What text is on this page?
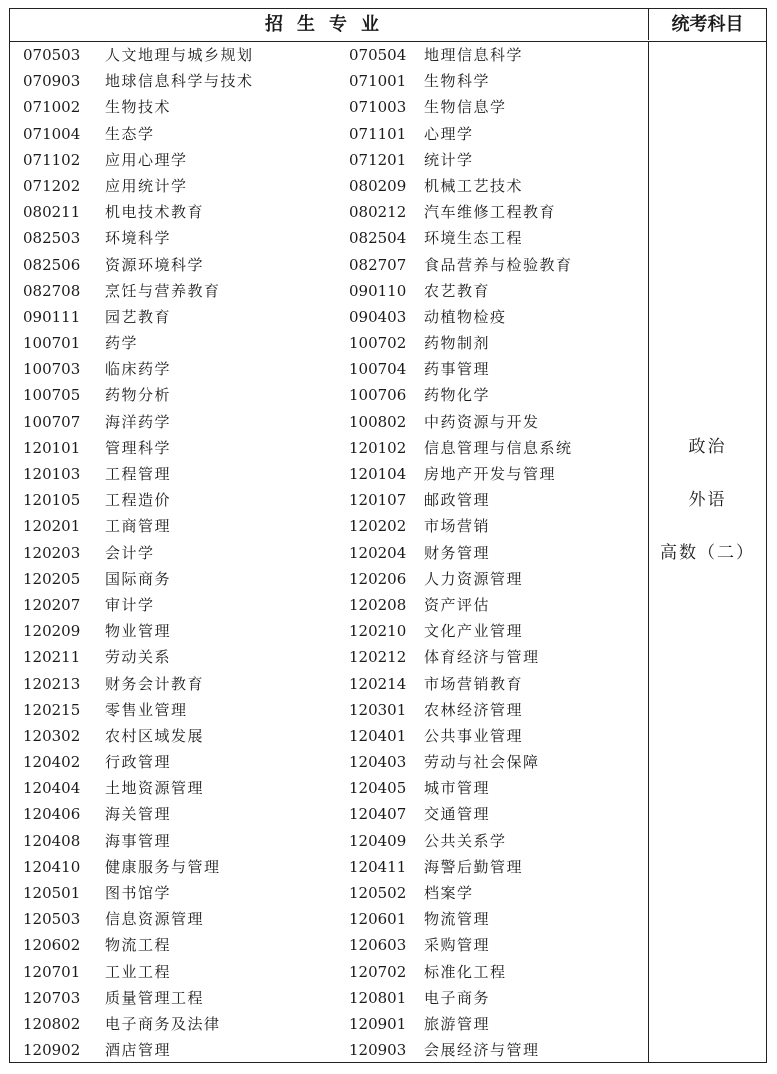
招生专业	统考科目
070503 人文地理与城乡规划	070504 地理信息科学
070903 地球信息科学与技术	071001 生物科学
071002 生物技术	071003 生物信息学
071004 生态学	071101 心理学
071102 应用心理学	071201 统计学
071202 应用统计学	080209 机械工艺技术
080211 机电技术教育	080212 汽车维修工程教育
082503 环境科学	082504 环境生态工程
082506 资源环境科学	082707 食品营养与检验教育
082708 烹饪与营养教育	090110 农艺教育
090111 园艺教育	090403 动植物检疫
100701 药学	100702 药物制剂
100703 临床药学	100704 药事管理
100705 药物分析	100706 药物化学
100707 海洋药学	100802 中药资源与开发
120101 管理科学	120102 信息管理与信息系统
120103 工程管理	120104 房地产开发与管理
120105 工程造价	120107 邮政管理
120201 工商管理	120202 市场营销
120203 会计学	120204 财务管理
120205 国际商务	120206 人力资源管理
120207 审计学	120208 资产评估
120209 物业管理	120210 文化产业管理
120211 劳动关系	120212 体育经济与管理
120213 财务会计教育	120214 市场营销教育
120215 零售业管理	120301 农林经济管理
120302 农村区域发展	120401 公共事业管理
120402 行政管理	120403 劳动与社会保障
120404 土地资源管理	120405 城市管理
120406 海关管理	120407 交通管理
120408 海事管理	120409 公共关系学
120410 健康服务与管理	120411 海警后勤管理
120501 图书馆学	120502 档案学
120503 信息资源管理	120601 物流管理
120602 物流工程	120603 采购管理
120701 工业工程	120702 标准化工程
120703 质量管理工程	120801 电子商务
120802 电子商务及法律	120901 旅游管理
120902 酒店管理	120903 会展经济与管理
政治
外语
高数（二）
